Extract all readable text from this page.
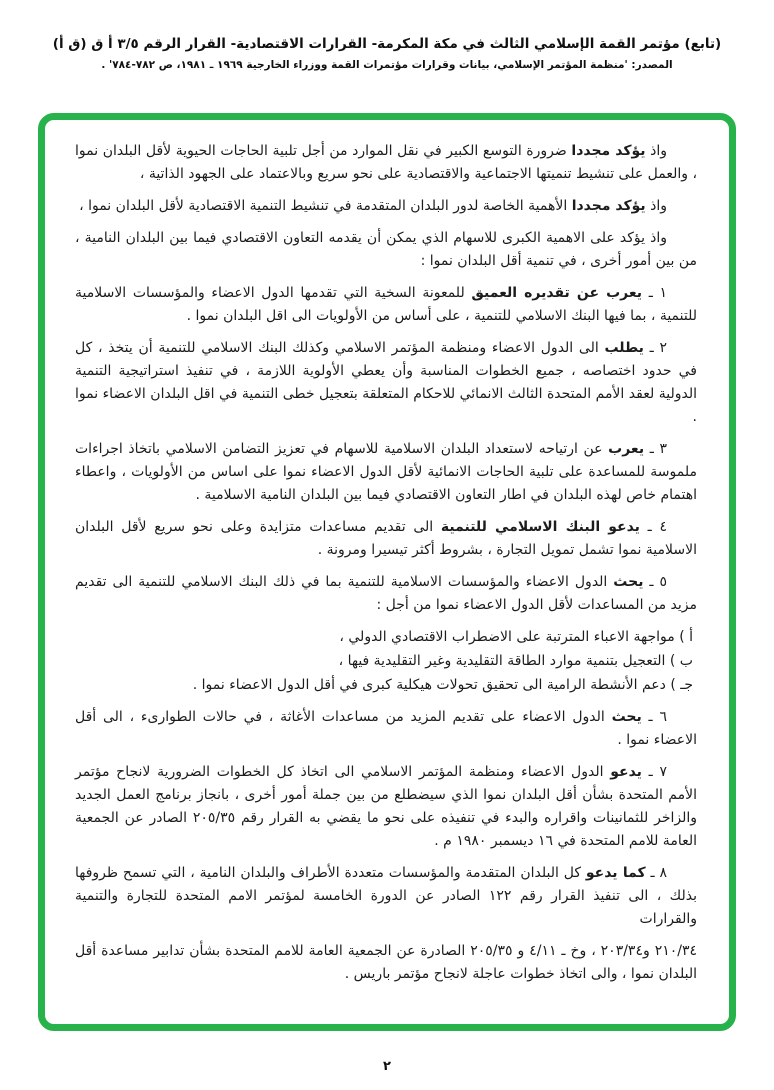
(تابع) مؤتمر القمة الإسلامي الثالث في مكة المكرمة- القرارات الاقتصادية- القرار الرقم ٣/٥ أ ق (ق أ)
المصدر: 'منظمة المؤتمر الإسلامي، بيانات وقرارات مؤتمرات القمة ووزراء الخارجية ١٩٦٩ ـ ١٩٨١، ص ٧٨٢-٧٨٤' .
واذ يؤكد مجددا ضرورة التوسع الكبير في نقل الموارد من أجل تلبية الحاجات الحيوية لأقل البلدان نموا ، والعمل على تنشيط تنميتها الاجتماعية والاقتصادية على نحو سريع وبالاعتماد على الجهود الذاتية ،
واذ يؤكد مجددا الأهمية الخاصة لدور البلدان المتقدمة في تنشيط التنمية الاقتصادية لأقل البلدان نموا ،
واذ يؤكد على الاهمية الكبرى للاسهام الذي يمكن أن يقدمه التعاون الاقتصادي فيما بين البلدان النامية ، من بين أمور أخرى ، في تنمية أقل البلدان نموا :
١ ـ يعرب عن تقديره العميق للمعونة السخية التي تقدمها الدول الاعضاء والمؤسسات الاسلامية للتنمية ، بما فيها البنك الاسلامي للتنمية ، على أساس من الأولويات الى اقل البلدان نموا .
٢ ـ يطلب الى الدول الاعضاء ومنظمة المؤتمر الاسلامي وكذلك البنك الاسلامي للتنمية أن يتخذ ، كل في حدود اختصاصه ، جميع الخطوات المناسبة وأن يعطي الأولوية اللازمة ، في تنفيذ استراتيجية التنمية الدولية لعقد الأمم المتحدة الثالث الانمائي للاحكام المتعلقة بتعجيل خطى التنمية في اقل البلدان الاعضاء نموا .
٣ ـ يعرب عن ارتياحه لاستعداد البلدان الاسلامية للاسهام في تعزيز التضامن الاسلامي باتخاذ اجراءات ملموسة للمساعدة على تلبية الحاجات الانمائية لأقل الدول الاعضاء نموا على اساس من الأولويات ، واعطاء اهتمام خاص لهذه البلدان في اطار التعاون الاقتصادي فيما بين البلدان النامية الاسلامية .
٤ ـ يدعو البنك الاسلامي للتنمية الى تقديم مساعدات متزايدة وعلى نحو سريع لأقل البلدان الاسلامية نموا تشمل تمويل التجارة ، بشروط أكثر تيسيرا ومرونة .
٥ ـ يحث الدول الاعضاء والمؤسسات الاسلامية للتنمية بما في ذلك البنك الاسلامي للتنمية الى تقديم مزيد من المساعدات لأقل الدول الاعضاء نموا من أجل :
أ ) مواجهة الاعباء المترتبة على الاضطراب الاقتصادي الدولي ،
ب ) التعجيل بتنمية موارد الطاقة التقليدية وغير التقليدية فيها ،
جـ ) دعم الأنشطة الرامية الى تحقيق تحولات هيكلية كبرى في أقل الدول الاعضاء نموا .
٦ ـ يحث الدول الاعضاء على تقديم المزيد من مساعدات الأغاثة ، في حالات الطوارىء ، الى أقل الاعضاء نموا .
٧ ـ يدعو الدول الاعضاء ومنظمة المؤتمر الاسلامي الى اتخاذ كل الخطوات الضرورية لانجاح مؤتمر الأمم المتحدة بشأن أقل البلدان نموا الذي سيضطلع من بين جملة أمور أخرى ، بانجاز برنامج العمل الجديد والزاخر للثمانينات واقراره والبدء في تنفيذه على نحو ما يقضي به القرار رقم ٢٠٥/٣٥ الصادر عن الجمعية العامة للامم المتحدة في ١٦ ديسمبر ١٩٨٠ م .
٨ ـ كما يدعو كل البلدان المتقدمة والمؤسسات متعددة الأطراف والبلدان النامية ، التي تسمح ظروفها بذلك ، الى تنفيذ القرار رقم ١٢٢ الصادر عن الدورة الخامسة لمؤتمر الامم المتحدة للتجارة والتنمية والقرارات
٢١٠/٣٤ و٢٠٣/٣٤ ، وخ ـ ٤/١١ و ٢٠٥/٣٥ الصادرة عن الجمعية العامة للامم المتحدة بشأن تدابير مساعدة أقل البلدان نموا ، والى اتخاذ خطوات عاجلة لانجاح مؤتمر باريس .
٢
